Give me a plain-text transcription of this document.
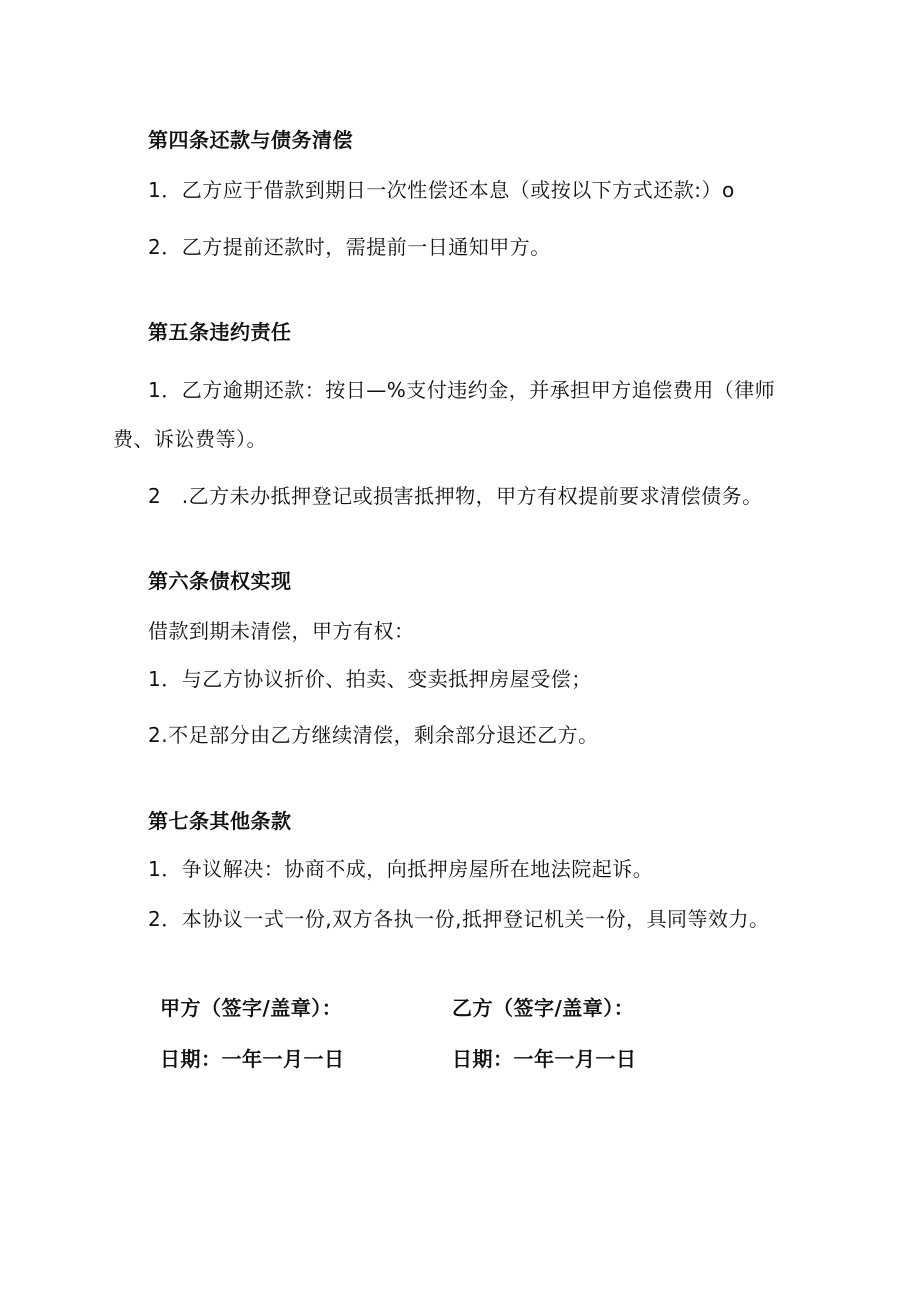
第四条还款与债务清偿
1．乙方应于借款到期日一次性偿还本息（或按以下方式还款:）o
2．乙方提前还款时，需提前一日通知甲方。
第五条违约责任
1．乙方逾期还款：按日—%支付违约金，并承担甲方追偿费用（律师
费、诉讼费等）。
2　.乙方未办抵押登记或损害抵押物，甲方有权提前要求清偿债务。
第六条债权实现
借款到期未清偿，甲方有权：
1．与乙方协议折价、拍卖、变卖抵押房屋受偿；
2.不足部分由乙方继续清偿，剩余部分退还乙方。
第七条其他条款
1．争议解决：协商不成，向抵押房屋所在地法院起诉。
2．本协议一式一份,双方各执一份,抵押登记机关一份，具同等效力。
甲方（签字/盖章）：	乙方（签字/盖章）：
日期：一年一月一日	日期：一年一月一日
